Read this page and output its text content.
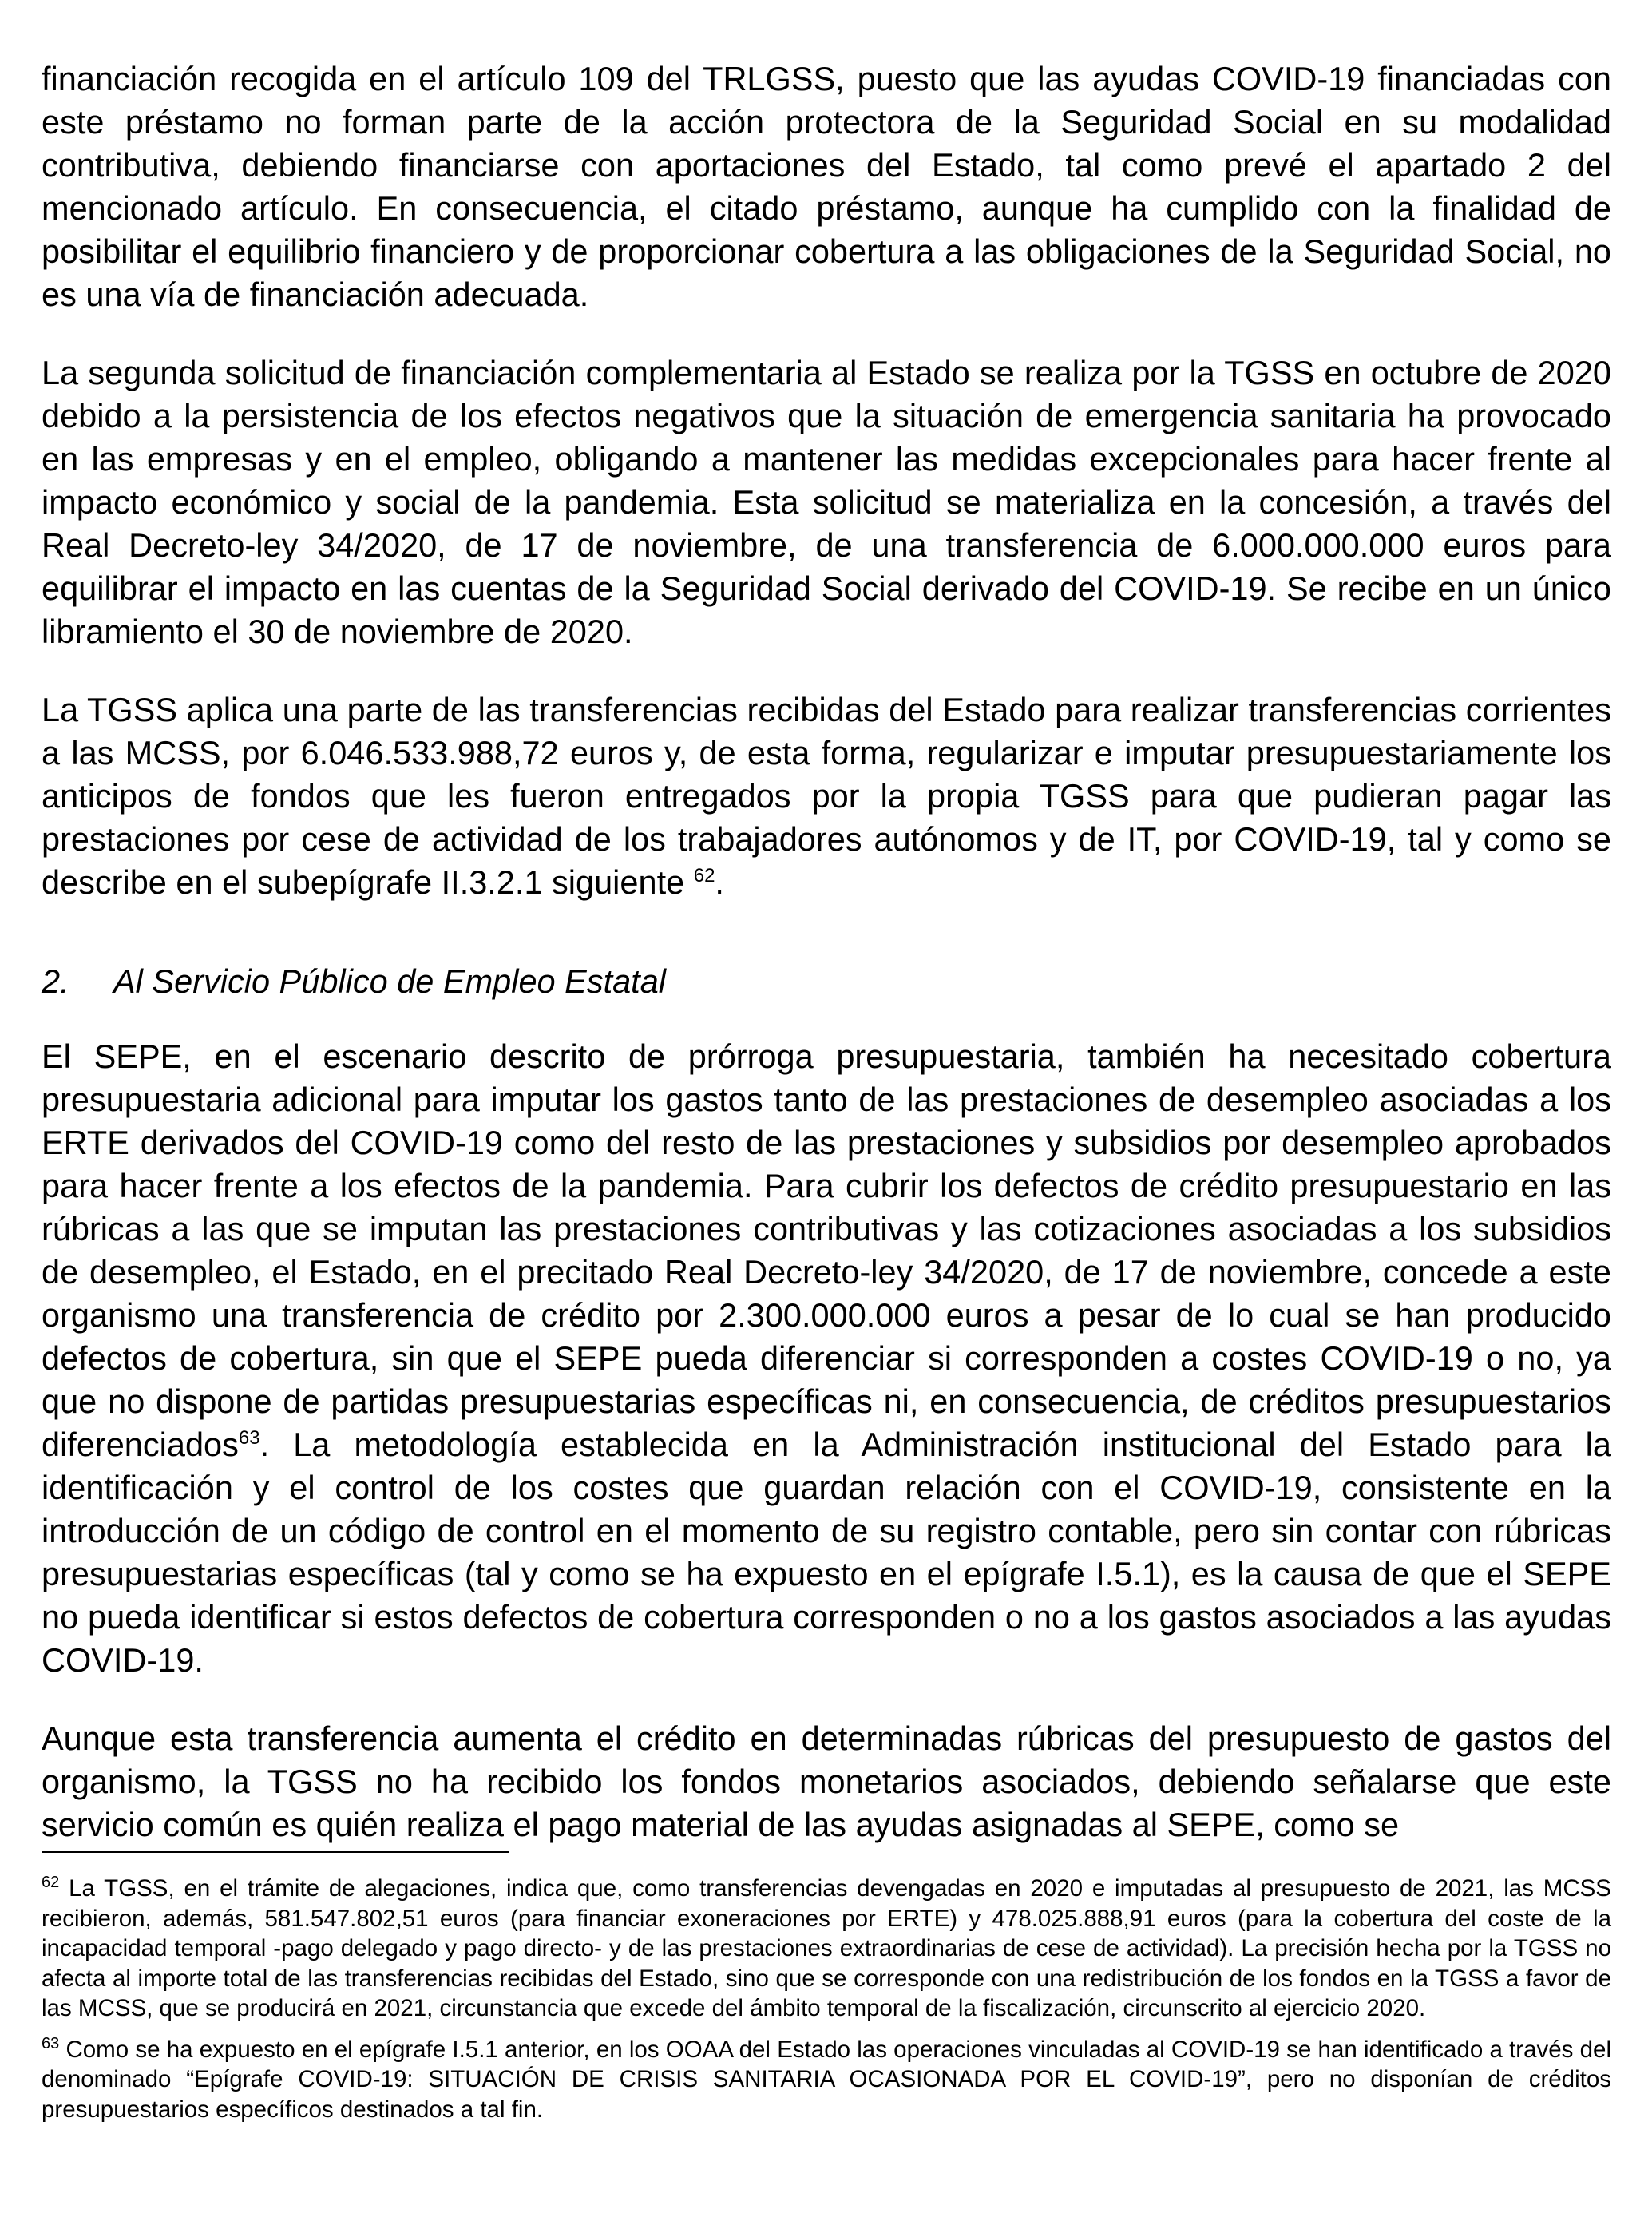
financiación recogida en el artículo 109 del TRLGSS, puesto que las ayudas COVID-19 financiadas con este préstamo no forman parte de la acción protectora de la Seguridad Social en su modalidad contributiva, debiendo financiarse con aportaciones del Estado, tal como prevé el apartado 2 del mencionado artículo. En consecuencia, el citado préstamo, aunque ha cumplido con la finalidad de posibilitar el equilibrio financiero y de proporcionar cobertura a las obligaciones de la Seguridad Social, no es una vía de financiación adecuada.

La segunda solicitud de financiación complementaria al Estado se realiza por la TGSS en octubre de 2020 debido a la persistencia de los efectos negativos que la situación de emergencia sanitaria ha provocado en las empresas y en el empleo, obligando a mantener las medidas excepcionales para hacer frente al impacto económico y social de la pandemia. Esta solicitud se materializa en la concesión, a través del Real Decreto-ley 34/2020, de 17 de noviembre, de una transferencia de 6.000.000.000 euros para equilibrar el impacto en las cuentas de la Seguridad Social derivado del COVID-19. Se recibe en un único libramiento el 30 de noviembre de 2020.

La TGSS aplica una parte de las transferencias recibidas del Estado para realizar transferencias corrientes a las MCSS, por 6.046.533.988,72 euros y, de esta forma, regularizar e imputar presupuestariamente los anticipos de fondos que les fueron entregados por la propia TGSS para que pudieran pagar las prestaciones por cese de actividad de los trabajadores autónomos y de IT, por COVID-19, tal y como se describe en el subepígrafe II.3.2.1 siguiente $^{62}$.

2.	Al Servicio Público de Empleo Estatal

El SEPE, en el escenario descrito de prórroga presupuestaria, también ha necesitado cobertura presupuestaria adicional para imputar los gastos tanto de las prestaciones de desempleo asociadas a los ERTE derivados del COVID-19 como del resto de las prestaciones y subsidios por desempleo aprobados para hacer frente a los efectos de la pandemia. Para cubrir los defectos de crédito presupuestario en las rúbricas a las que se imputan las prestaciones contributivas y las cotizaciones asociadas a los subsidios de desempleo, el Estado, en el precitado Real Decreto-ley 34/2020, de 17 de noviembre, concede a este organismo una transferencia de crédito por 2.300.000.000 euros a pesar de lo cual se han producido defectos de cobertura, sin que el SEPE pueda diferenciar si corresponden a costes COVID-19 o no, ya que no dispone de partidas presupuestarias específicas ni, en consecuencia, de créditos presupuestarios diferenciados$^{63}$. La metodología establecida en la Administración institucional del Estado para la identificación y el control de los costes que guardan relación con el COVID-19, consistente en la introducción de un código de control en el momento de su registro contable, pero sin contar con rúbricas presupuestarias específicas (tal y como se ha expuesto en el epígrafe I.5.1), es la causa de que el SEPE no pueda identificar si estos defectos de cobertura corresponden o no a los gastos asociados a las ayudas COVID-19.

Aunque esta transferencia aumenta el crédito en determinadas rúbricas del presupuesto de gastos del organismo, la TGSS no ha recibido los fondos monetarios asociados, debiendo señalarse que este servicio común es quién realiza el pago material de las ayudas asignadas al SEPE, como se

$^{62}$ La TGSS, en el trámite de alegaciones, indica que, como transferencias devengadas en 2020 e imputadas al presupuesto de 2021, las MCSS recibieron, además, 581.547.802,51 euros (para financiar exoneraciones por ERTE) y 478.025.888,91 euros (para la cobertura del coste de la incapacidad temporal -pago delegado y pago directo- y de las prestaciones extraordinarias de cese de actividad). La precisión hecha por la TGSS no afecta al importe total de las transferencias recibidas del Estado, sino que se corresponde con una redistribución de los fondos en la TGSS a favor de las MCSS, que se producirá en 2021, circunstancia que excede del ámbito temporal de la fiscalización, circunscrito al ejercicio 2020.

$^{63}$ Como se ha expuesto en el epígrafe I.5.1 anterior, en los OOAA del Estado las operaciones vinculadas al COVID-19 se han identificado a través del denominado “Epígrafe COVID-19: SITUACIÓN DE CRISIS SANITARIA OCASIONADA POR EL COVID-19”, pero no disponían de créditos presupuestarios específicos destinados a tal fin.
